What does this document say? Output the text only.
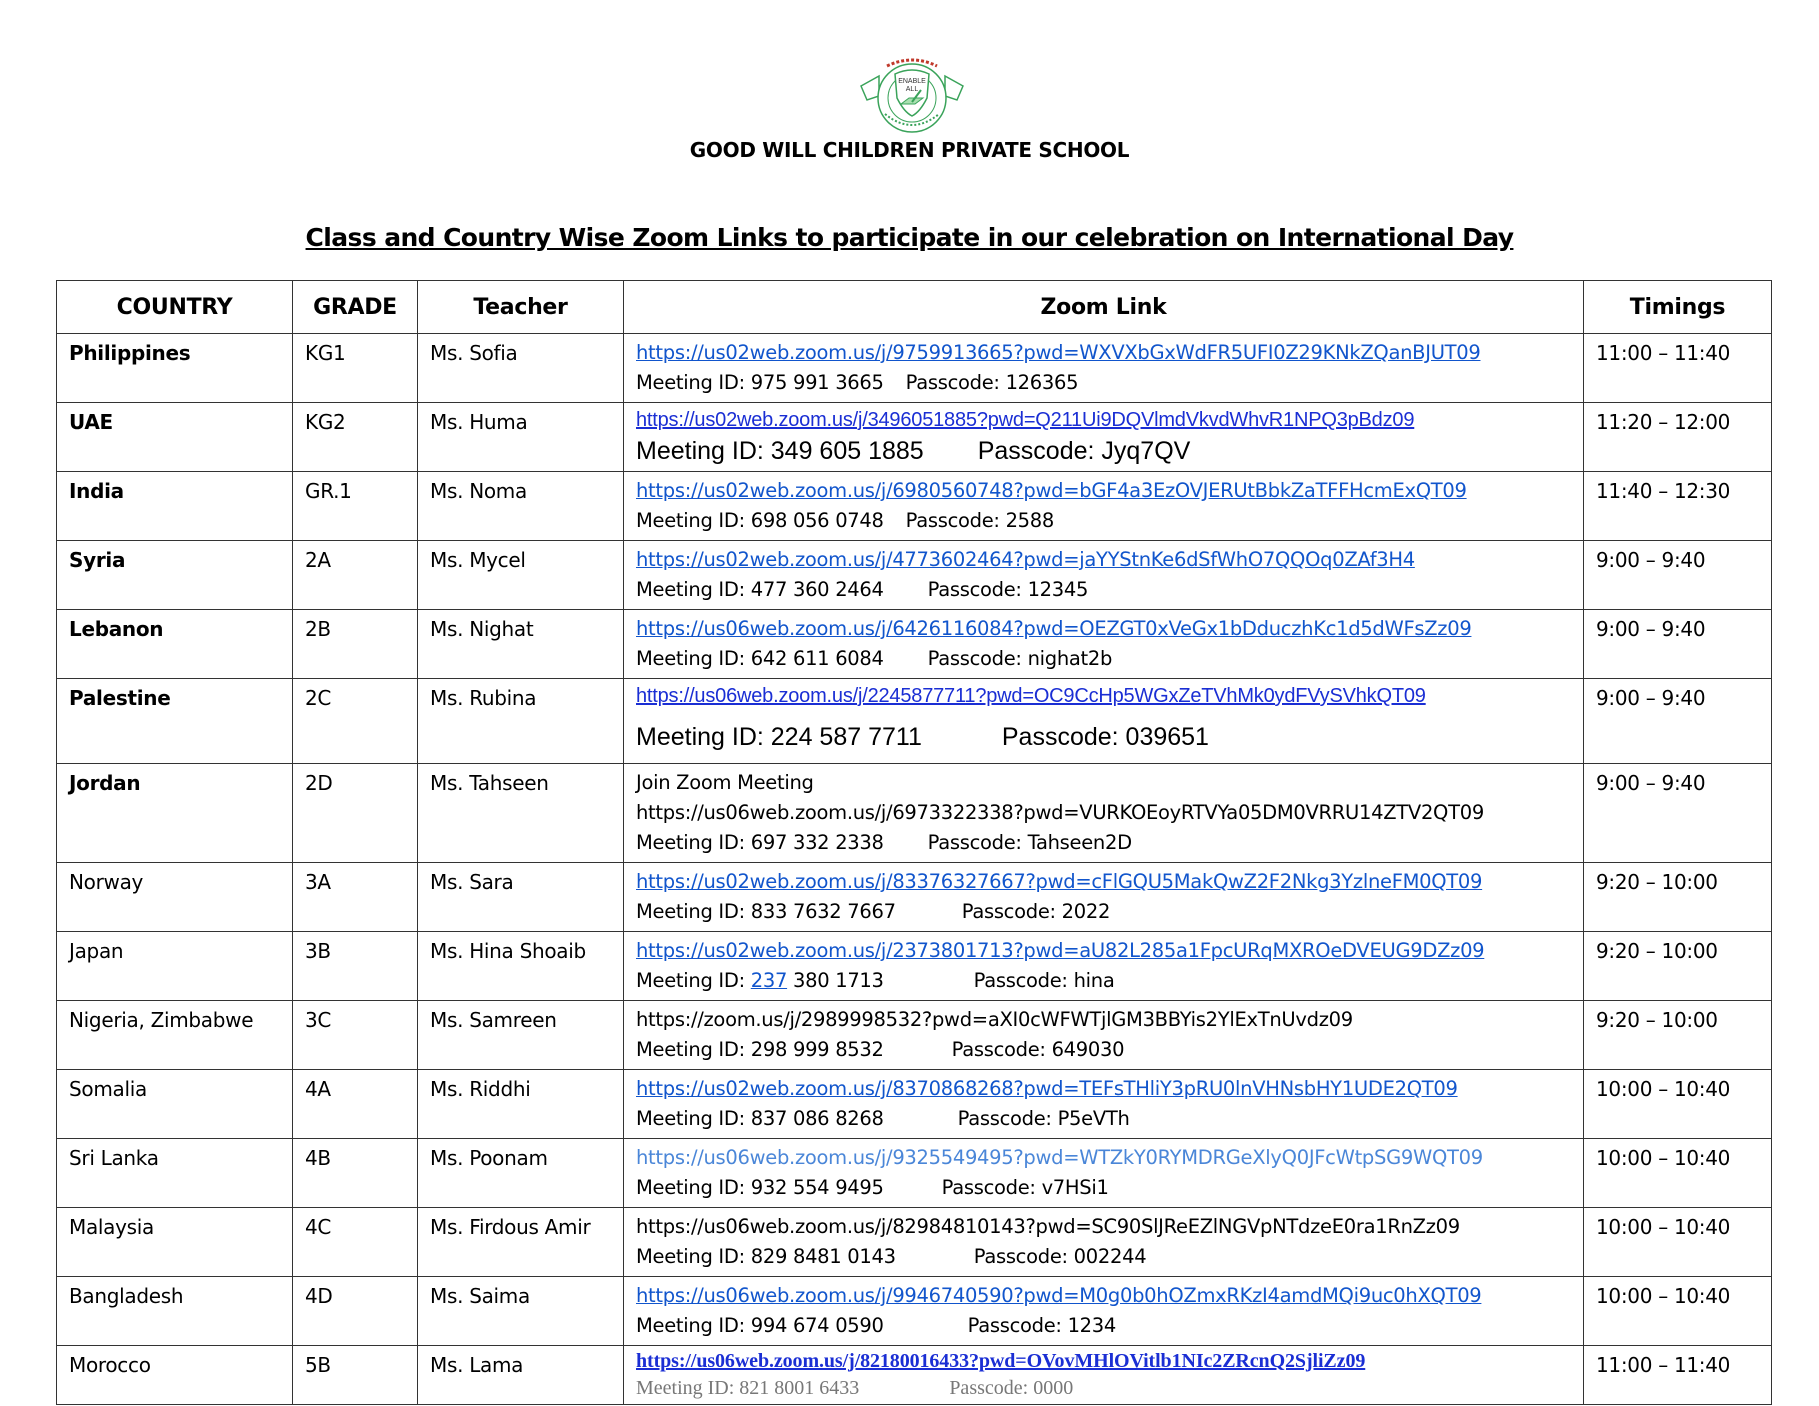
ENABLE
ALL
GOOD WILL CHILDREN PRIVATE SCHOOL
Class and Country Wise Zoom Links to participate in our celebration on International Day
COUNTRY	GRADE	Teacher	Zoom Link	Timings
Philippines	KG1	Ms. Sofia	https://us02web.zoom.us/j/9759913665?pwd=WXVXbGxWdFR5UFI0Z29KNkZQanBJUT09
Meeting ID: 975 991 3665 Passcode: 126365	11:00 – 11:40
UAE	KG2	Ms. Huma	https://us02web.zoom.us/j/3496051885?pwd=Q211Ui9DQVlmdVkvdWhvR1NPQ3pBdz09
Meeting ID: 349 605 1885 Passcode: Jyq7QV	11:20 – 12:00
India	GR.1	Ms. Noma	https://us02web.zoom.us/j/6980560748?pwd=bGF4a3EzOVJERUtBbkZaTFFHcmExQT09
Meeting ID: 698 056 0748 Passcode: 2588	11:40 – 12:30
Syria	2A	Ms. Mycel	https://us02web.zoom.us/j/4773602464?pwd=jaYYStnKe6dSfWhO7QQOq0ZAf3H4
Meeting ID: 477 360 2464 Passcode: 12345	9:00 – 9:40
Lebanon	2B	Ms. Nighat	https://us06web.zoom.us/j/6426116084?pwd=OEZGT0xVeGx1bDduczhKc1d5dWFsZz09
Meeting ID: 642 611 6084 Passcode: nighat2b	9:00 – 9:40
Palestine	2C	Ms. Rubina	https://us06web.zoom.us/j/2245877711?pwd=OC9CcHp5WGxZeTVhMk0ydFVySVhkQT09
Meeting ID: 224 587 7711 Passcode: 039651	9:00 – 9:40
Jordan	2D	Ms. Tahseen	Join Zoom Meeting
https://us06web.zoom.us/j/6973322338?pwd=VURKOEoyRTVYa05DM0VRRU14ZTV2QT09
Meeting ID: 697 332 2338 Passcode: Tahseen2D	9:00 – 9:40
Norway	3A	Ms. Sara	https://us02web.zoom.us/j/83376327667?pwd=cFlGQU5MakQwZ2F2Nkg3YzlneFM0QT09
Meeting ID: 833 7632 7667 Passcode: 2022	9:20 – 10:00
Japan	3B	Ms. Hina Shoaib	https://us02web.zoom.us/j/2373801713?pwd=aU82L285a1FpcURqMXROeDVEUG9DZz09
Meeting ID: 237 380 1713 Passcode: hina	9:20 – 10:00
Nigeria, Zimbabwe	3C	Ms. Samreen	https://zoom.us/j/2989998532?pwd=aXI0cWFWTjlGM3BBYis2YlExTnUvdz09
Meeting ID: 298 999 8532 Passcode: 649030	9:20 – 10:00
Somalia	4A	Ms. Riddhi	https://us02web.zoom.us/j/8370868268?pwd=TEFsTHliY3pRU0lnVHNsbHY1UDE2QT09
Meeting ID: 837 086 8268 Passcode: P5eVTh	10:00 – 10:40
Sri Lanka	4B	Ms. Poonam	https://us06web.zoom.us/j/9325549495?pwd=WTZkY0RYMDRGeXlyQ0JFcWtpSG9WQT09
Meeting ID: 932 554 9495 Passcode: v7HSi1	10:00 – 10:40
Malaysia	4C	Ms. Firdous Amir	https://us06web.zoom.us/j/82984810143?pwd=SC90SlJReEZlNGVpNTdzeE0ra1RnZz09
Meeting ID: 829 8481 0143 Passcode: 002244	10:00 – 10:40
Bangladesh	4D	Ms. Saima	https://us06web.zoom.us/j/9946740590?pwd=M0g0b0hOZmxRKzI4amdMQi9uc0hXQT09
Meeting ID: 994 674 0590 Passcode: 1234	10:00 – 10:40
Morocco	5B	Ms. Lama	https://us06web.zoom.us/j/82180016433?pwd=OVovMHlOVitlb1NIc2ZRcnQ2SjliZz09
Meeting ID: 821 8001 6433 Passcode: 0000	11:00 – 11:40
